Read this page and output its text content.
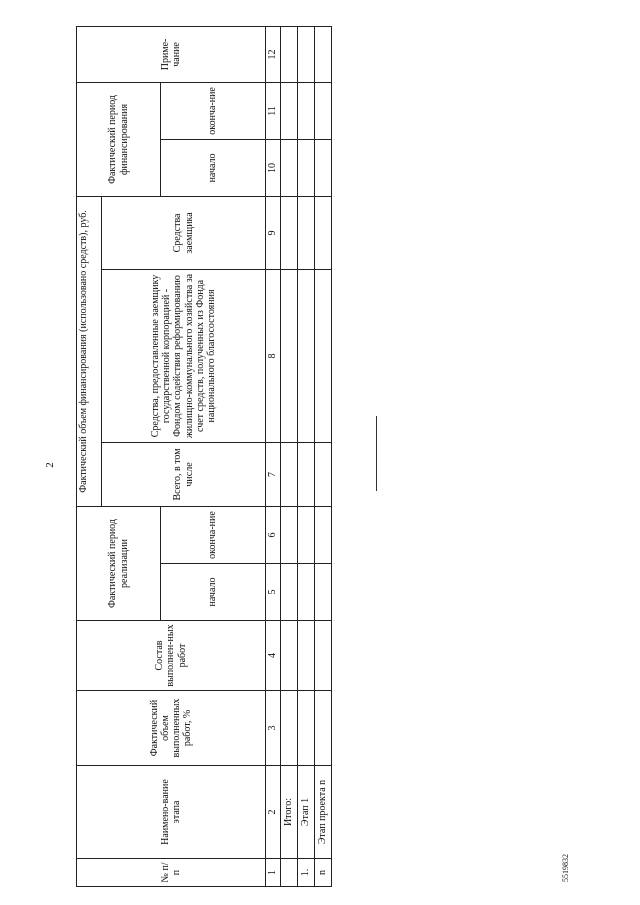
2
5519832
№ п/п	Наимено-вание этапа	Фактический объем выполненных работ, %	Состав выполнен-ных работ	Фактический период реализации		Фактический объем финансирования (использовано средств), руб.			Фактический период финансирования		Приме-чание
						Всего, в том числе	Средства, предоставленные заемщику государственной корпорацией - Фондом содействия реформированию жилищно-коммунального хозяйства за счет средств, полученных из Фонда национального благосостояния	Средства заемщика			
				начало	оконча-ние				начало	оконча-ние	
1	2	3	4	5	6	7	8	9	10	11	12
	Итого:										
1.	Этап 1										
n	Этап проекта n										
